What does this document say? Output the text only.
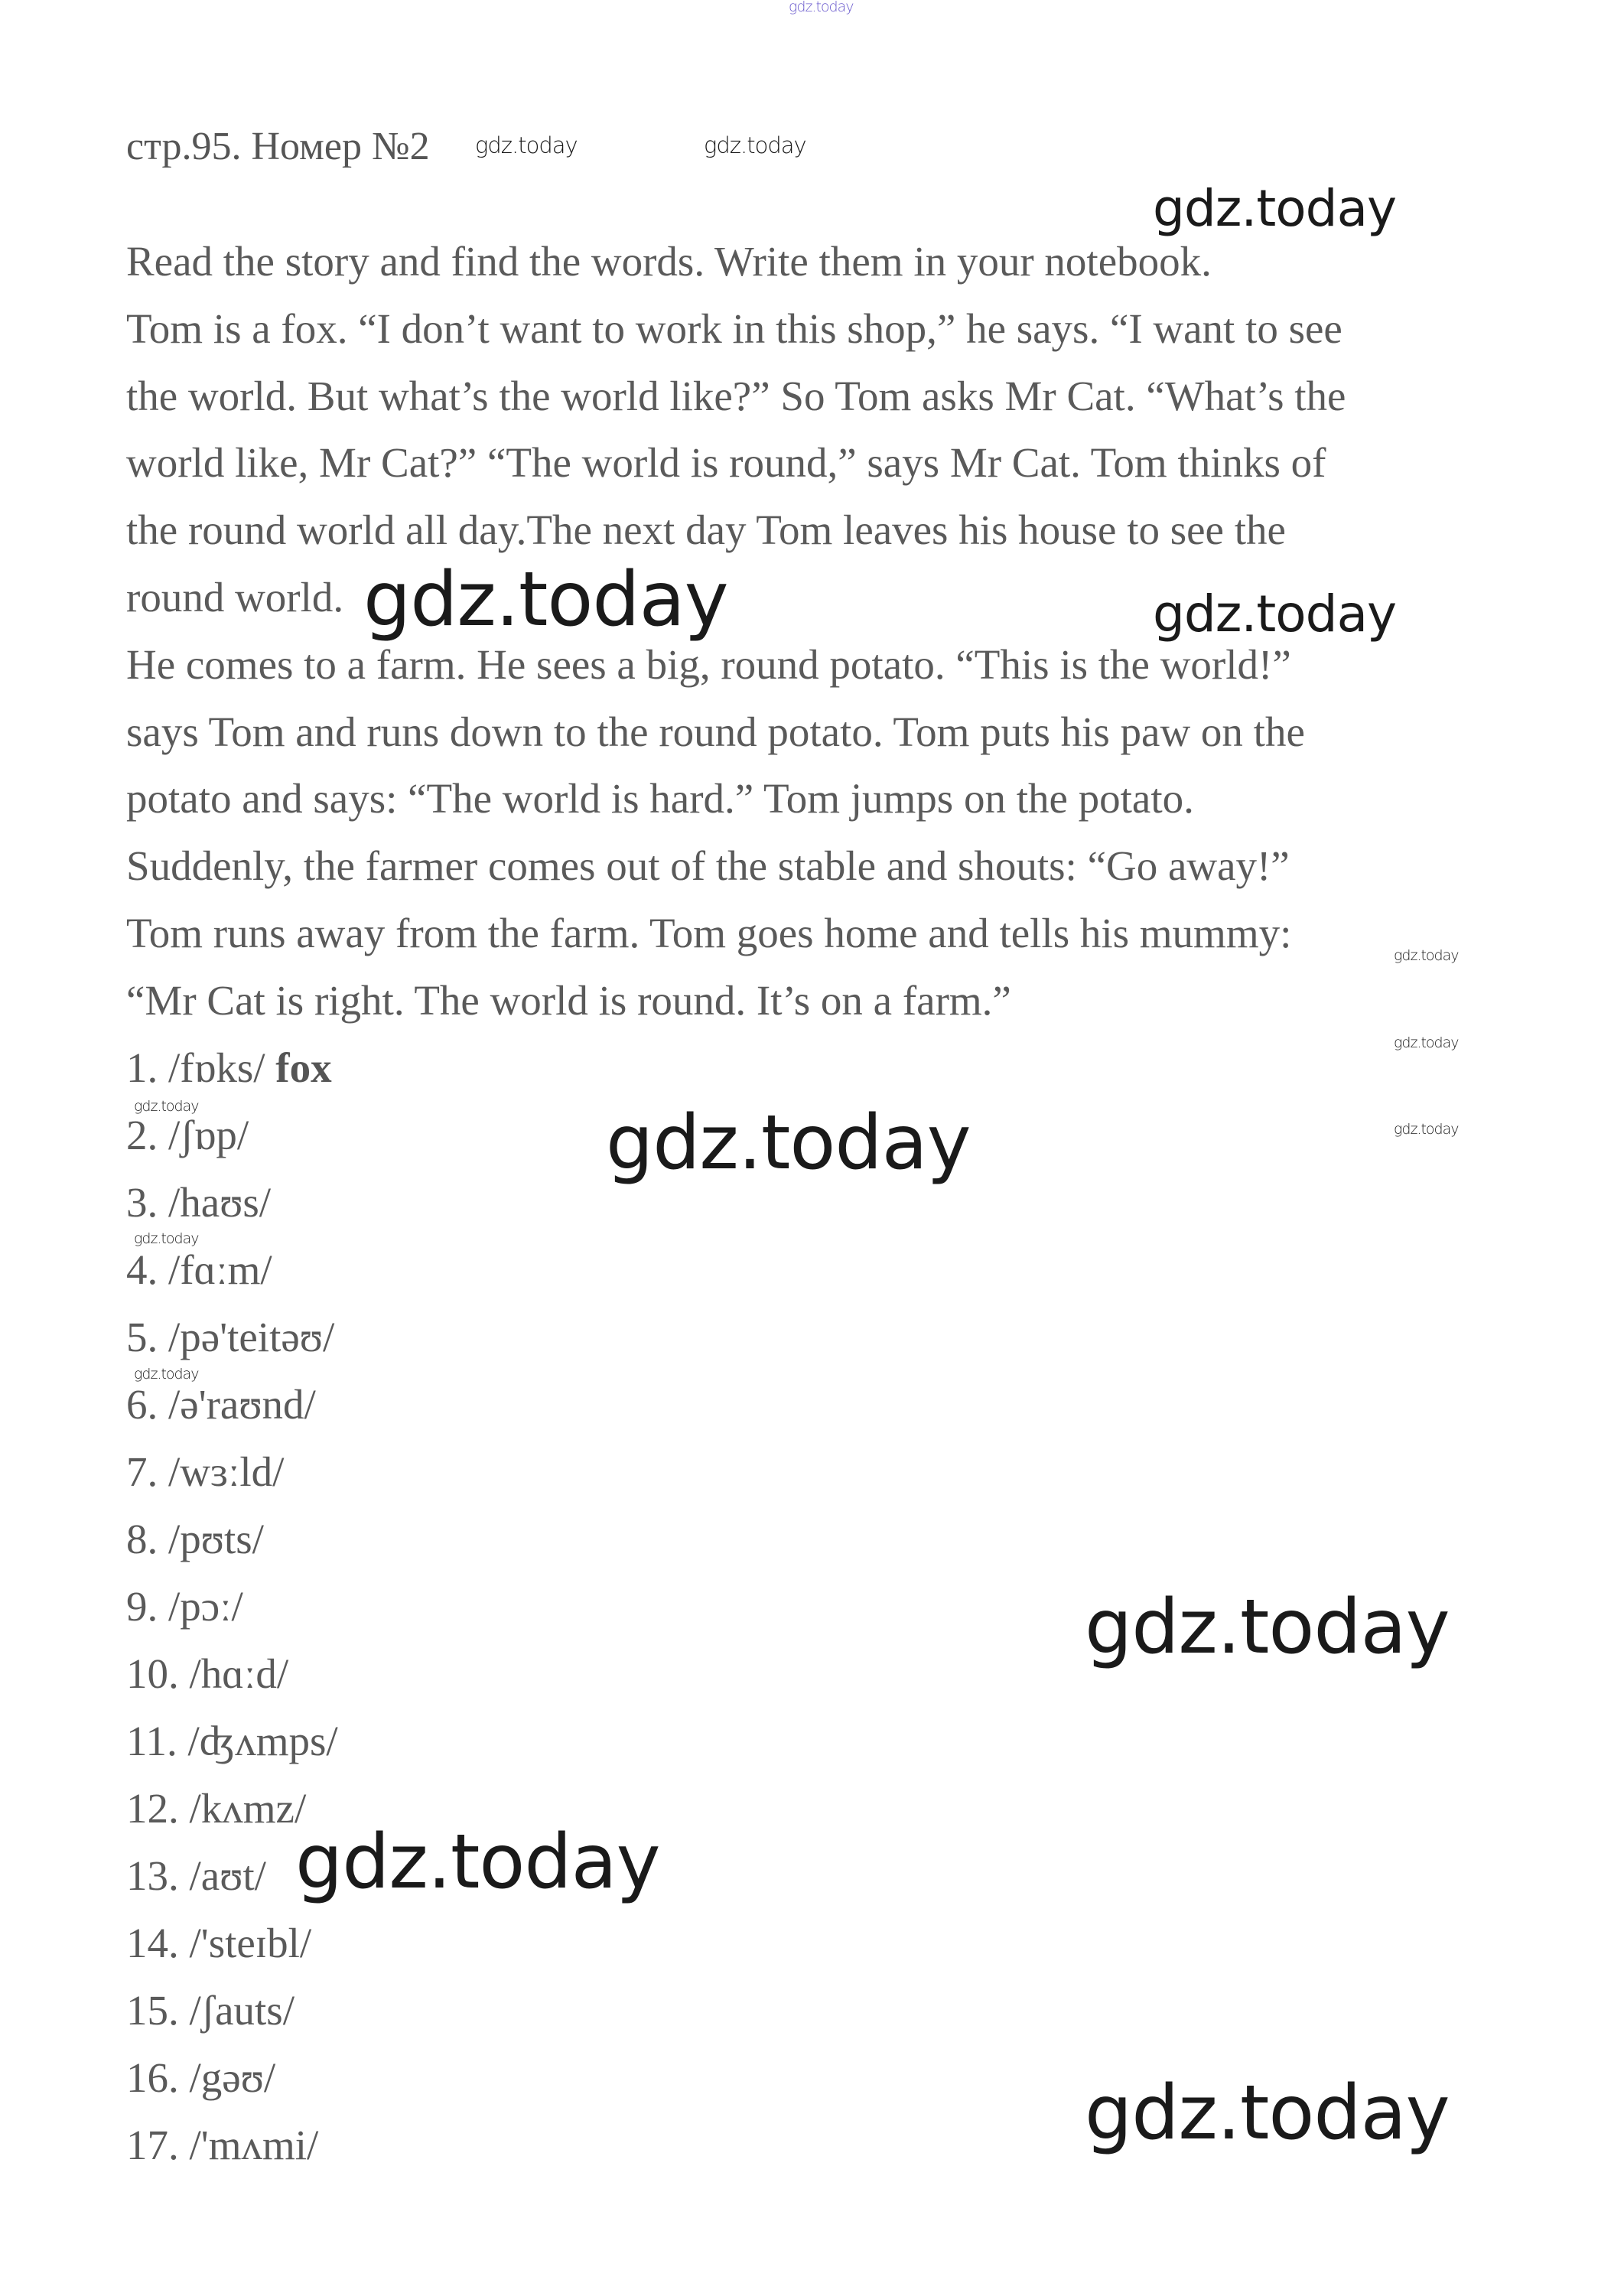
gdz.today
gdz.today	gdz.today
gdz.today
gdz.today	gdz.today
gdz.today
gdz.today
gdz.today
gdz.today
gdz.today
gdz.today
gdz.today
gdz.today
gdz.today
gdz.today
стр.95. Номер №2
Read the story and find the words. Write them in your notebook.
Tom is a fox. “I don’t want to work in this shop,” he says. “I want to see
the world. But what’s the world like?” So Tom asks Mr Cat. “What’s the
world like, Mr Cat?” “The world is round,” says Mr Cat. Tom thinks of
the round world all day.The next day Tom leaves his house to see the
round world.
He comes to a farm. He sees a big, round potato. “This is the world!”
says Tom and runs down to the round potato. Tom puts his paw on the
potato and says: “The world is hard.” Tom jumps on the potato.
Suddenly, the farmer comes out of the stable and shouts: “Go away!”
Tom runs away from the farm. Tom goes home and tells his mummy:
“Mr Cat is right. The world is round. It’s on a farm.”
1. /fɒks/ fox
2. /ʃɒp/
3. /haʊs/
4. /fɑːm/
5. /pə'teitəʊ/
6. /ə'raʊnd/
7. /wɜːld/
8. /pʊts/
9. /pɔː/
10. /hɑːd/
11. /ʤʌmps/
12. /kʌmz/
13. /aʊt/
14. /'steɪbl/
15. /ʃauts/
16. /gəʊ/
17. /'mʌmi/
